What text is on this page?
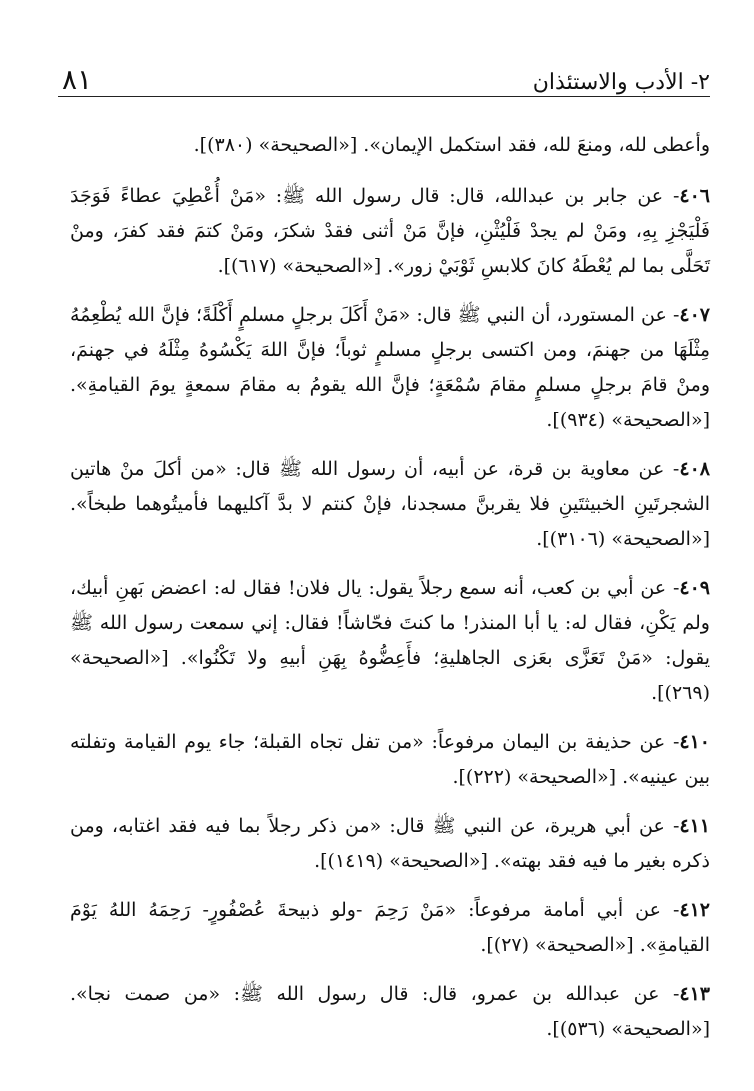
٨١	٢- الأدب والاستئذان

وأعطى لله، ومنعَ لله، فقد استكمل الإيمان». [«الصحيحة» (٣٨٠)].

٤٠٦- عن جابر بن عبدالله، قال: قال رسول الله ﷺ: «مَنْ أُعْطِيَ عطاءً فَوَجَدَ فَلْيَجْزِ بِهِ، ومَنْ لم يجدْ فَلْيُثْنِ، فإنَّ مَنْ أثنى فقدْ شكرَ، ومَنْ كتمَ فقد كفرَ، ومنْ تَحَلَّى بما لم يُعْطَهُ كانَ كلابسِ ثَوْبَيْ زور». [«الصحيحة» (٦١٧)].

٤٠٧- عن المستورد، أن النبي ﷺ قال: «مَنْ أَكَلَ برجلٍ مسلمٍ أَكْلَةً؛ فإنَّ الله يُطْعِمُهُ مِثْلَهَا من جهنمَ، ومن اكتسى برجلٍ مسلمٍ ثوباً؛ فإنَّ اللهَ يَكْسُوهُ مِثْلَهُ في جهنمَ، ومنْ قامَ برجلٍ مسلمٍ مقامَ سُمْعَةٍ؛ فإنَّ الله يقومُ به مقامَ سمعةٍ يومَ القيامةِ». [«الصحيحة» (٩٣٤)].

٤٠٨- عن معاوية بن قرة، عن أبيه، أن رسول الله ﷺ قال: «من أكلَ منْ هاتين الشجرتَينِ الخبيثتَينِ فلا يقربنَّ مسجدنا، فإنْ كنتم لا بدَّ آكليهما فأميتُوهما طبخاً». [«الصحيحة» (٣١٠٦)].

٤٠٩- عن أبي بن كعب، أنه سمع رجلاً يقول: يال فلان! فقال له: اعضض بَهنِ أبيك، ولم يَكْنِ، فقال له: يا أبا المنذر! ما كنتَ فحّاشاً! فقال: إني سمعت رسول الله ﷺ يقول: «مَنْ تَعَزَّى بعَزى الجاهليةِ؛ فأَعِضُّوهُ بِهَنِ أبيهِ ولا تَكْنُوا». [«الصحيحة» (٢٦٩)].

٤١٠- عن حذيفة بن اليمان مرفوعاً: «من تفل تجاه القبلة؛ جاء يوم القيامة وتفلته بين عينيه». [«الصحيحة» (٢٢٢)].

٤١١- عن أبي هريرة، عن النبي ﷺ قال: «من ذكر رجلاً بما فيه فقد اغتابه، ومن ذكره بغير ما فيه فقد بهته». [«الصحيحة» (١٤١٩)].

٤١٢- عن أبي أمامة مرفوعاً: «مَنْ رَحِمَ -ولو ذبيحةَ عُصْفُورٍ- رَحِمَهُ اللهُ يَوْمَ القيامةِ». [«الصحيحة» (٢٧)].

٤١٣- عن عبدالله بن عمرو، قال: قال رسول الله ﷺ: «من صمت نجا». [«الصحيحة» (٥٣٦)].
